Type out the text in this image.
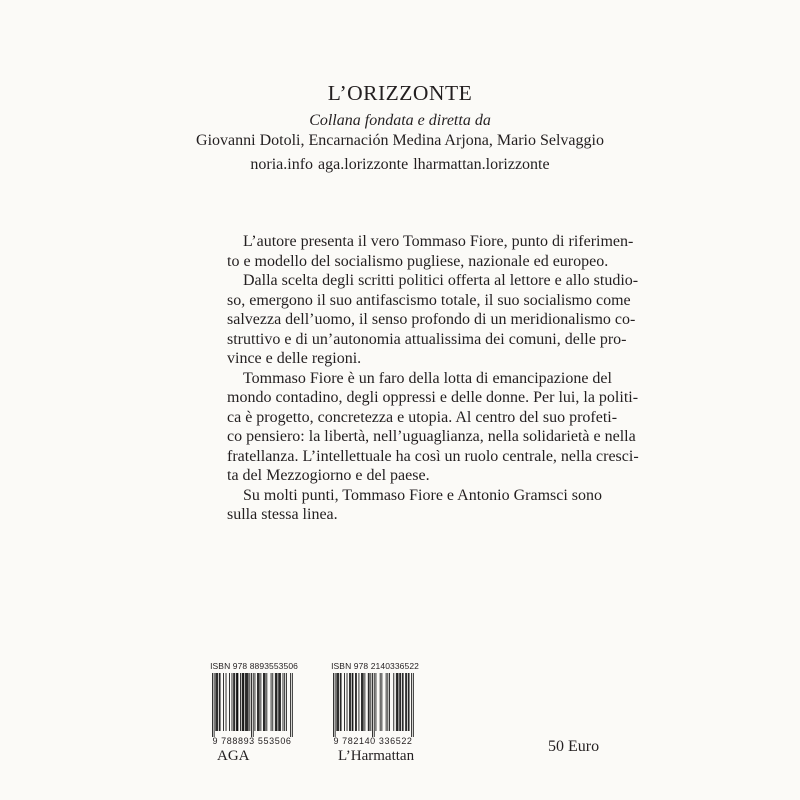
L’ORIZZONTE
Collana fondata e diretta da
Giovanni Dotoli, Encarnación Medina Arjona, Mario Selvaggio
noria.info aga.lorizzonte lharmattan.lorizzonte
L’autore presenta il vero Tommaso Fiore, punto di riferimen-
to e modello del socialismo pugliese, nazionale ed europeo.
Dalla scelta degli scritti politici offerta al lettore e allo studio-
so, emergono il suo antifascismo totale, il suo socialismo come
salvezza dell’uomo, il senso profondo di un meridionalismo co-
struttivo e di un’autonomia attualissima dei comuni, delle pro-
vince e delle regioni.
Tommaso Fiore è un faro della lotta di emancipazione del
mondo contadino, degli oppressi e delle donne. Per lui, la politi-
ca è progetto, concretezza e utopia. Al centro del suo profeti-
co pensiero: la libertà, nell’uguaglianza, nella solidarietà e nella
fratellanza. L’intellettuale ha così un ruolo centrale, nella cresci-
ta del Mezzogiorno e del paese.
Su molti punti, Tommaso Fiore e Antonio Gramsci sono
sulla stessa linea.
ISBN 978 8893553506
9 788893 553506
AGA
ISBN 978 2140336522
9 782140 336522
L’Harmattan
50 Euro
